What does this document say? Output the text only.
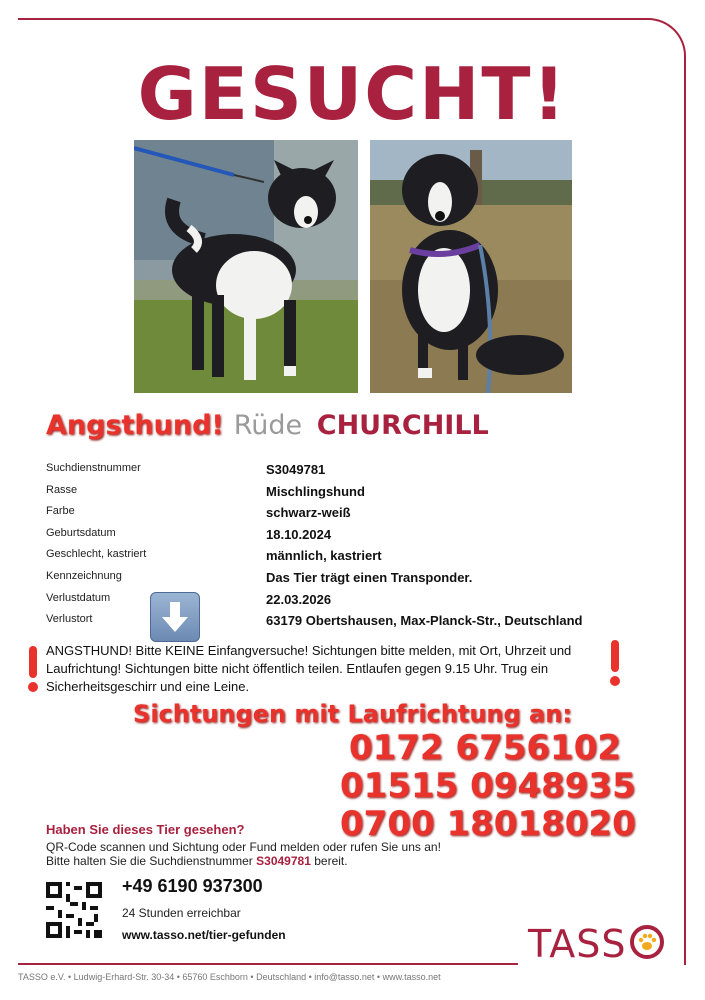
GESUCHT!
Angsthund! Rüde CHURCHILL
Suchdienstnummer	S3049781
Rasse	Mischlingshund
Farbe	schwarz-weiß
Geburtsdatum	18.10.2024
Geschlecht, kastriert	männlich, kastriert
Kennzeichnung	Das Tier trägt einen Transponder.
Verlustdatum	22.03.2026
Verlustort	63179 Obertshausen, Max-Planck-Str., Deutschland
ANGSTHUND! Bitte KEINE Einfangversuche! Sichtungen bitte melden, mit Ort, Uhrzeit und Laufrichtung! Sichtungen bitte nicht öffentlich teilen. Entlaufen gegen 9.15 Uhr. Trug ein Sicherheitsgeschirr und eine Leine.
Sichtungen mit Laufrichtung an:
0172 6756102
01515 0948935
0700 18018020
Haben Sie dieses Tier gesehen?
QR-Code scannen und Sichtung oder Fund melden oder rufen Sie uns an!
Bitte halten Sie die Suchdienstnummer S3049781 bereit.
+49 6190 937300
24 Stunden erreichbar
www.tasso.net/tier-gefunden	TASS
TASSO e.V. • Ludwig-Erhard-Str. 30-34 • 65760 Eschborn • Deutschland • info@tasso.net • www.tasso.net
